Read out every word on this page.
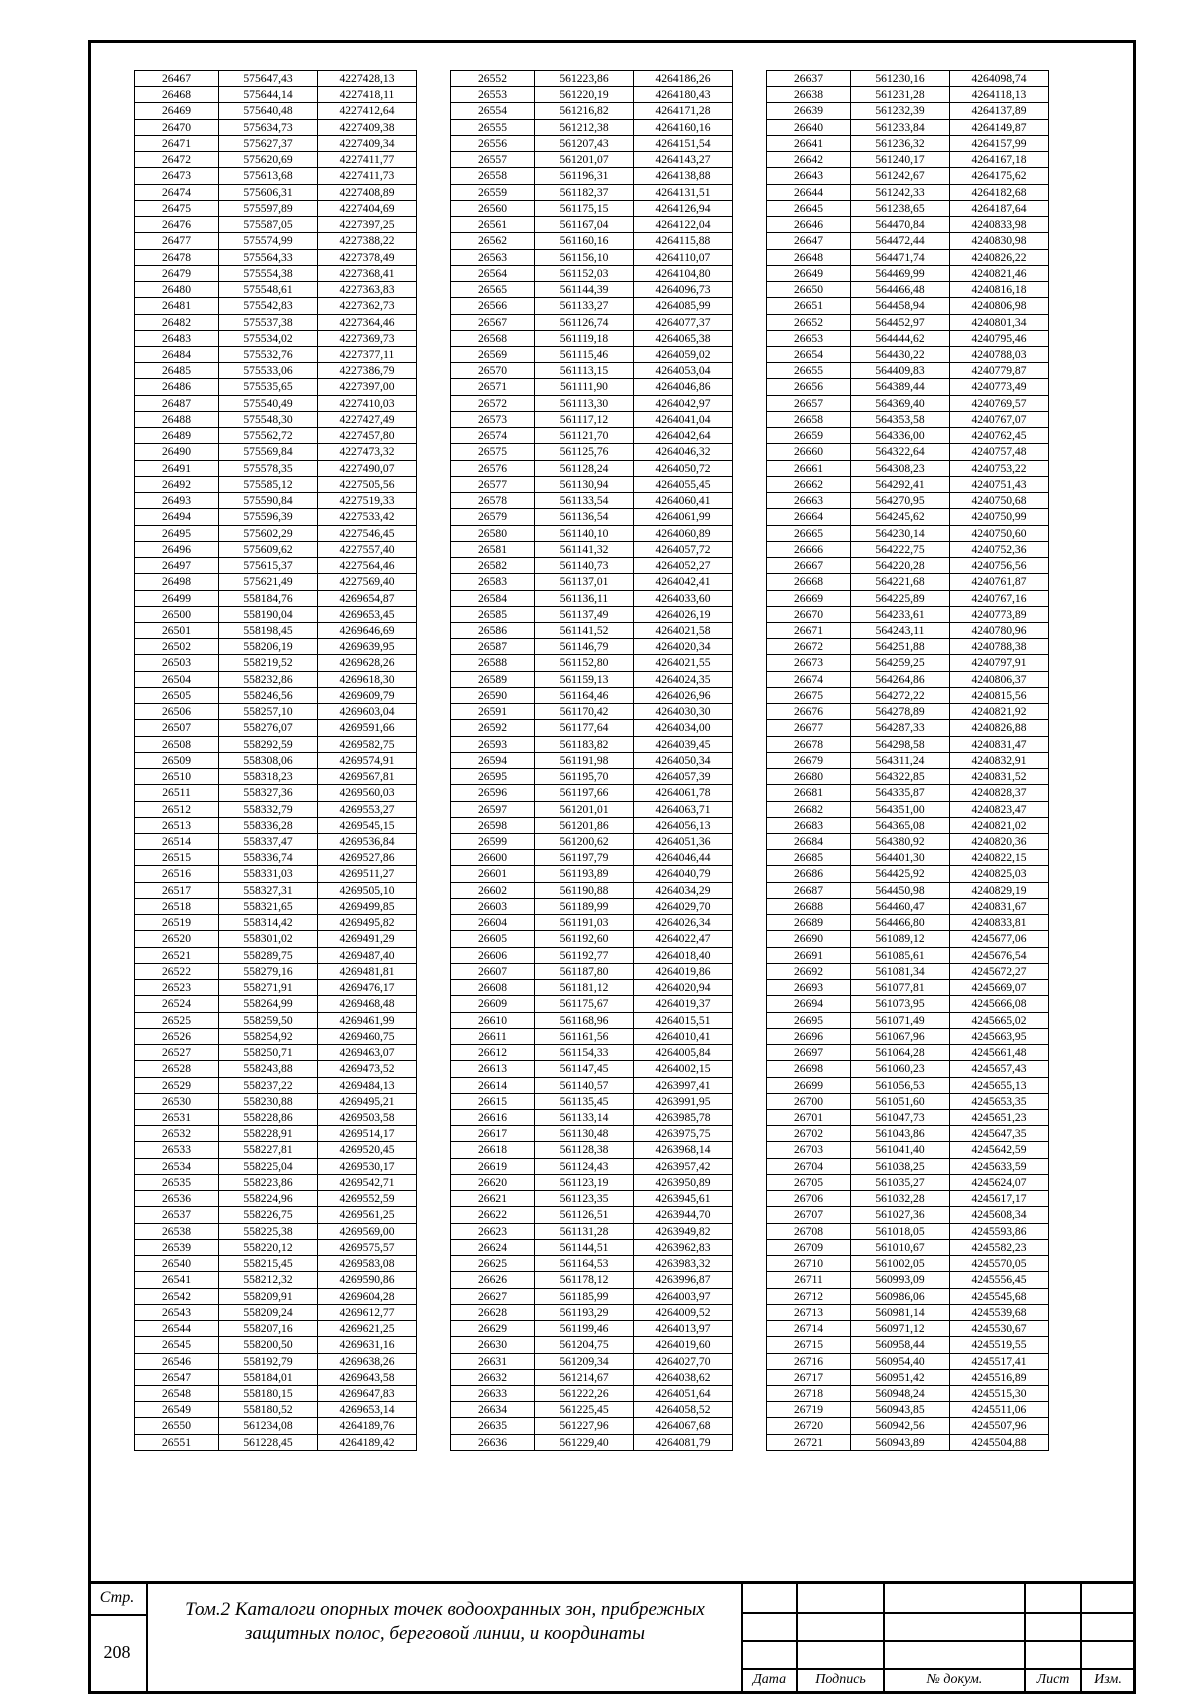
26467	575647,43	4227428,13
26468	575644,14	4227418,11
26469	575640,48	4227412,64
26470	575634,73	4227409,38
26471	575627,37	4227409,34
26472	575620,69	4227411,77
26473	575613,68	4227411,73
26474	575606,31	4227408,89
26475	575597,89	4227404,69
26476	575587,05	4227397,25
26477	575574,99	4227388,22
26478	575564,33	4227378,49
26479	575554,38	4227368,41
26480	575548,61	4227363,83
26481	575542,83	4227362,73
26482	575537,38	4227364,46
26483	575534,02	4227369,73
26484	575532,76	4227377,11
26485	575533,06	4227386,79
26486	575535,65	4227397,00
26487	575540,49	4227410,03
26488	575548,30	4227427,49
26489	575562,72	4227457,80
26490	575569,84	4227473,32
26491	575578,35	4227490,07
26492	575585,12	4227505,56
26493	575590,84	4227519,33
26494	575596,39	4227533,42
26495	575602,29	4227546,45
26496	575609,62	4227557,40
26497	575615,37	4227564,46
26498	575621,49	4227569,40
26499	558184,76	4269654,87
26500	558190,04	4269653,45
26501	558198,45	4269646,69
26502	558206,19	4269639,95
26503	558219,52	4269628,26
26504	558232,86	4269618,30
26505	558246,56	4269609,79
26506	558257,10	4269603,04
26507	558276,07	4269591,66
26508	558292,59	4269582,75
26509	558308,06	4269574,91
26510	558318,23	4269567,81
26511	558327,36	4269560,03
26512	558332,79	4269553,27
26513	558336,28	4269545,15
26514	558337,47	4269536,84
26515	558336,74	4269527,86
26516	558331,03	4269511,27
26517	558327,31	4269505,10
26518	558321,65	4269499,85
26519	558314,42	4269495,82
26520	558301,02	4269491,29
26521	558289,75	4269487,40
26522	558279,16	4269481,81
26523	558271,91	4269476,17
26524	558264,99	4269468,48
26525	558259,50	4269461,99
26526	558254,92	4269460,75
26527	558250,71	4269463,07
26528	558243,88	4269473,52
26529	558237,22	4269484,13
26530	558230,88	4269495,21
26531	558228,86	4269503,58
26532	558228,91	4269514,17
26533	558227,81	4269520,45
26534	558225,04	4269530,17
26535	558223,86	4269542,71
26536	558224,96	4269552,59
26537	558226,75	4269561,25
26538	558225,38	4269569,00
26539	558220,12	4269575,57
26540	558215,45	4269583,08
26541	558212,32	4269590,86
26542	558209,91	4269604,28
26543	558209,24	4269612,77
26544	558207,16	4269621,25
26545	558200,50	4269631,16
26546	558192,79	4269638,26
26547	558184,01	4269643,58
26548	558180,15	4269647,83
26549	558180,52	4269653,14
26550	561234,08	4264189,76
26551	561228,45	4264189,42
26552	561223,86	4264186,26
26553	561220,19	4264180,43
26554	561216,82	4264171,28
26555	561212,38	4264160,16
26556	561207,43	4264151,54
26557	561201,07	4264143,27
26558	561196,31	4264138,88
26559	561182,37	4264131,51
26560	561175,15	4264126,94
26561	561167,04	4264122,04
26562	561160,16	4264115,88
26563	561156,10	4264110,07
26564	561152,03	4264104,80
26565	561144,39	4264096,73
26566	561133,27	4264085,99
26567	561126,74	4264077,37
26568	561119,18	4264065,38
26569	561115,46	4264059,02
26570	561113,15	4264053,04
26571	561111,90	4264046,86
26572	561113,30	4264042,97
26573	561117,12	4264041,04
26574	561121,70	4264042,64
26575	561125,76	4264046,32
26576	561128,24	4264050,72
26577	561130,94	4264055,45
26578	561133,54	4264060,41
26579	561136,54	4264061,99
26580	561140,10	4264060,89
26581	561141,32	4264057,72
26582	561140,73	4264052,27
26583	561137,01	4264042,41
26584	561136,11	4264033,60
26585	561137,49	4264026,19
26586	561141,52	4264021,58
26587	561146,79	4264020,34
26588	561152,80	4264021,55
26589	561159,13	4264024,35
26590	561164,46	4264026,96
26591	561170,42	4264030,30
26592	561177,64	4264034,00
26593	561183,82	4264039,45
26594	561191,98	4264050,34
26595	561195,70	4264057,39
26596	561197,66	4264061,78
26597	561201,01	4264063,71
26598	561201,86	4264056,13
26599	561200,62	4264051,36
26600	561197,79	4264046,44
26601	561193,89	4264040,79
26602	561190,88	4264034,29
26603	561189,99	4264029,70
26604	561191,03	4264026,34
26605	561192,60	4264022,47
26606	561192,77	4264018,40
26607	561187,80	4264019,86
26608	561181,12	4264020,94
26609	561175,67	4264019,37
26610	561168,96	4264015,51
26611	561161,56	4264010,41
26612	561154,33	4264005,84
26613	561147,45	4264002,15
26614	561140,57	4263997,41
26615	561135,45	4263991,95
26616	561133,14	4263985,78
26617	561130,48	4263975,75
26618	561128,38	4263968,14
26619	561124,43	4263957,42
26620	561123,19	4263950,89
26621	561123,35	4263945,61
26622	561126,51	4263944,70
26623	561131,28	4263949,82
26624	561144,51	4263962,83
26625	561164,53	4263983,32
26626	561178,12	4263996,87
26627	561185,99	4264003,97
26628	561193,29	4264009,52
26629	561199,46	4264013,97
26630	561204,75	4264019,60
26631	561209,34	4264027,70
26632	561214,67	4264038,62
26633	561222,26	4264051,64
26634	561225,45	4264058,52
26635	561227,96	4264067,68
26636	561229,40	4264081,79
26637	561230,16	4264098,74
26638	561231,28	4264118,13
26639	561232,39	4264137,89
26640	561233,84	4264149,87
26641	561236,32	4264157,99
26642	561240,17	4264167,18
26643	561242,67	4264175,62
26644	561242,33	4264182,68
26645	561238,65	4264187,64
26646	564470,84	4240833,98
26647	564472,44	4240830,98
26648	564471,74	4240826,22
26649	564469,99	4240821,46
26650	564466,48	4240816,18
26651	564458,94	4240806,98
26652	564452,97	4240801,34
26653	564444,62	4240795,46
26654	564430,22	4240788,03
26655	564409,83	4240779,87
26656	564389,44	4240773,49
26657	564369,40	4240769,57
26658	564353,58	4240767,07
26659	564336,00	4240762,45
26660	564322,64	4240757,48
26661	564308,23	4240753,22
26662	564292,41	4240751,43
26663	564270,95	4240750,68
26664	564245,62	4240750,99
26665	564230,14	4240750,60
26666	564222,75	4240752,36
26667	564220,28	4240756,56
26668	564221,68	4240761,87
26669	564225,89	4240767,16
26670	564233,61	4240773,89
26671	564243,11	4240780,96
26672	564251,88	4240788,38
26673	564259,25	4240797,91
26674	564264,86	4240806,37
26675	564272,22	4240815,56
26676	564278,89	4240821,92
26677	564287,33	4240826,88
26678	564298,58	4240831,47
26679	564311,24	4240832,91
26680	564322,85	4240831,52
26681	564335,87	4240828,37
26682	564351,00	4240823,47
26683	564365,08	4240821,02
26684	564380,92	4240820,36
26685	564401,30	4240822,15
26686	564425,92	4240825,03
26687	564450,98	4240829,19
26688	564460,47	4240831,67
26689	564466,80	4240833,81
26690	561089,12	4245677,06
26691	561085,61	4245676,54
26692	561081,34	4245672,27
26693	561077,81	4245669,07
26694	561073,95	4245666,08
26695	561071,49	4245665,02
26696	561067,96	4245663,95
26697	561064,28	4245661,48
26698	561060,23	4245657,43
26699	561056,53	4245655,13
26700	561051,60	4245653,35
26701	561047,73	4245651,23
26702	561043,86	4245647,35
26703	561041,40	4245642,59
26704	561038,25	4245633,59
26705	561035,27	4245624,07
26706	561032,28	4245617,17
26707	561027,36	4245608,34
26708	561018,05	4245593,86
26709	561010,67	4245582,23
26710	561002,05	4245570,05
26711	560993,09	4245556,45
26712	560986,06	4245545,68
26713	560981,14	4245539,68
26714	560971,12	4245530,67
26715	560958,44	4245519,55
26716	560954,40	4245517,41
26717	560951,42	4245516,89
26718	560948,24	4245515,30
26719	560943,85	4245511,06
26720	560942,56	4245507,96
26721	560943,89	4245504,88
Стр.
208
Том.2 Каталоги опорных точек водоохранных зон, прибрежных защитных полос, береговой линии, и координаты
Дата	Подпись	№ докум.	Лист	Изм.
